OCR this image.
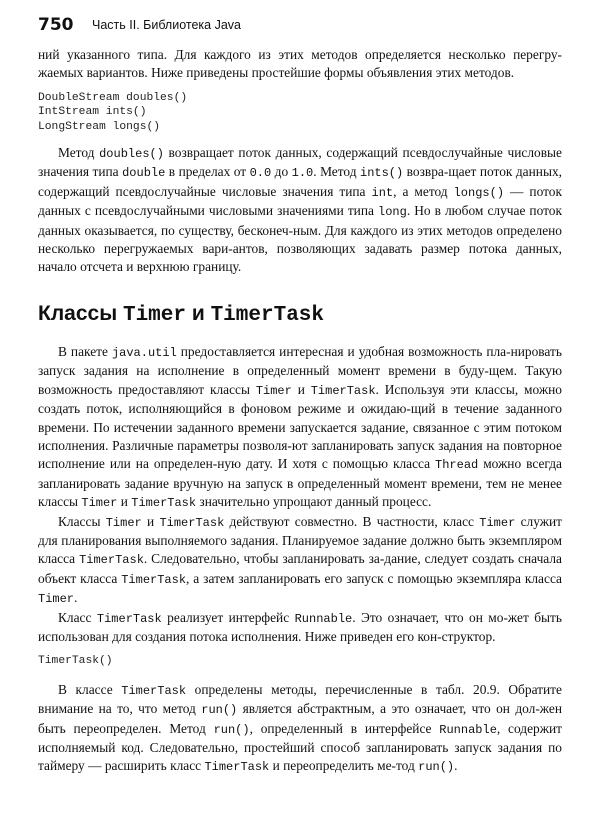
750 Часть II. Библиотека Java

ний указанного типа. Для каждого из этих методов определяется несколько перегру-жаемых вариантов. Ниже приведены простейшие формы объявления этих методов.

DoubleStream doubles()
IntStream ints()
LongStream longs()

Метод doubles() возвращает поток данных, содержащий псевдослучайные числовые значения типа double в пределах от 0.0 до 1.0. Метод ints() возвра-щает поток данных, содержащий псевдослучайные числовые значения типа int, а метод longs() — поток данных с псевдослучайными числовыми значениями типа long. Но в любом случае поток данных оказывается, по существу, бесконеч-ным. Для каждого из этих методов определено несколько перегружаемых вари-антов, позволяющих задавать размер потока данных, начало отсчета и верхнюю границу.

Классы Timer и TimerTask

В пакете java.util предоставляется интересная и удобная возможность пла-нировать запуск задания на исполнение в определенный момент времени в буду-щем. Такую возможность предоставляют классы Timer и TimerTask. Используя эти классы, можно создать поток, исполняющийся в фоновом режиме и ожидаю-щий в течение заданного времени. По истечении заданного времени запускается задание, связанное с этим потоком исполнения. Различные параметры позволя-ют запланировать запуск задания на повторное исполнение или на определен-ную дату. И хотя с помощью класса Thread можно всегда запланировать задание вручную на запуск в определенный момент времени, тем не менее классы Timer и TimerTask значительно упрощают данный процесс.

Классы Timer и TimerTask действуют совместно. В частности, класс Timer служит для планирования выполняемого задания. Планируемое задание должно быть экземпляром класса TimerTask. Следовательно, чтобы запланировать за-дание, следует создать сначала объект класса TimerTask, а затем запланировать его запуск с помощью экземпляра класса Timer.

Класс TimerTask реализует интерфейс Runnable. Это означает, что он мо-жет быть использован для создания потока исполнения. Ниже приведен его кон-структор.

TimerTask()

В классе TimerTask определены методы, перечисленные в табл. 20.9. Обратите внимание на то, что метод run() является абстрактным, а это означает, что он дол-жен быть переопределен. Метод run(), определенный в интерфейсе Runnable, содержит исполняемый код. Следовательно, простейший способ запланировать запуск задания по таймеру — расширить класс TimerTask и переопределить ме-тод run().
